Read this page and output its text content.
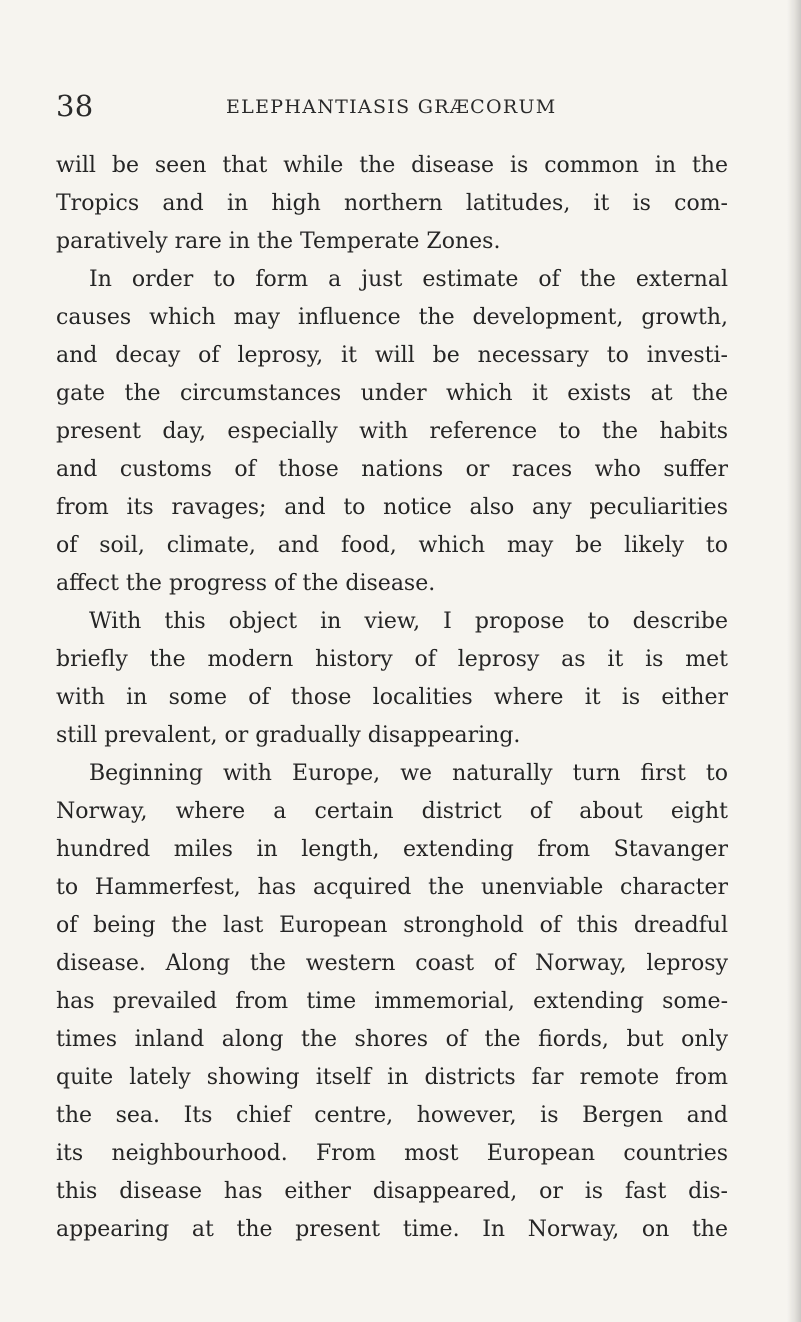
38	ELEPHANTIASIS GRÆCORUM
will be seen that while the disease is common in the
Tropics and in high northern latitudes, it is com-
paratively rare in the Temperate Zones.
In order to form a just estimate of the external
causes which may influence the development, growth,
and decay of leprosy, it will be necessary to investi-
gate the circumstances under which it exists at the
present day, especially with reference to the habits
and customs of those nations or races who suffer
from its ravages; and to notice also any peculiarities
of soil, climate, and food, which may be likely to
affect the progress of the disease.
With this object in view, I propose to describe
briefly the modern history of leprosy as it is met
with in some of those localities where it is either
still prevalent, or gradually disappearing.
Beginning with Europe, we naturally turn first to
Norway, where a certain district of about eight
hundred miles in length, extending from Stavanger
to Hammerfest, has acquired the unenviable character
of being the last European stronghold of this dreadful
disease. Along the western coast of Norway, leprosy
has prevailed from time immemorial, extending some-
times inland along the shores of the fiords, but only
quite lately showing itself in districts far remote from
the sea. Its chief centre, however, is Bergen and
its neighbourhood. From most European countries
this disease has either disappeared, or is fast dis-
appearing at the present time. In Norway, on the
